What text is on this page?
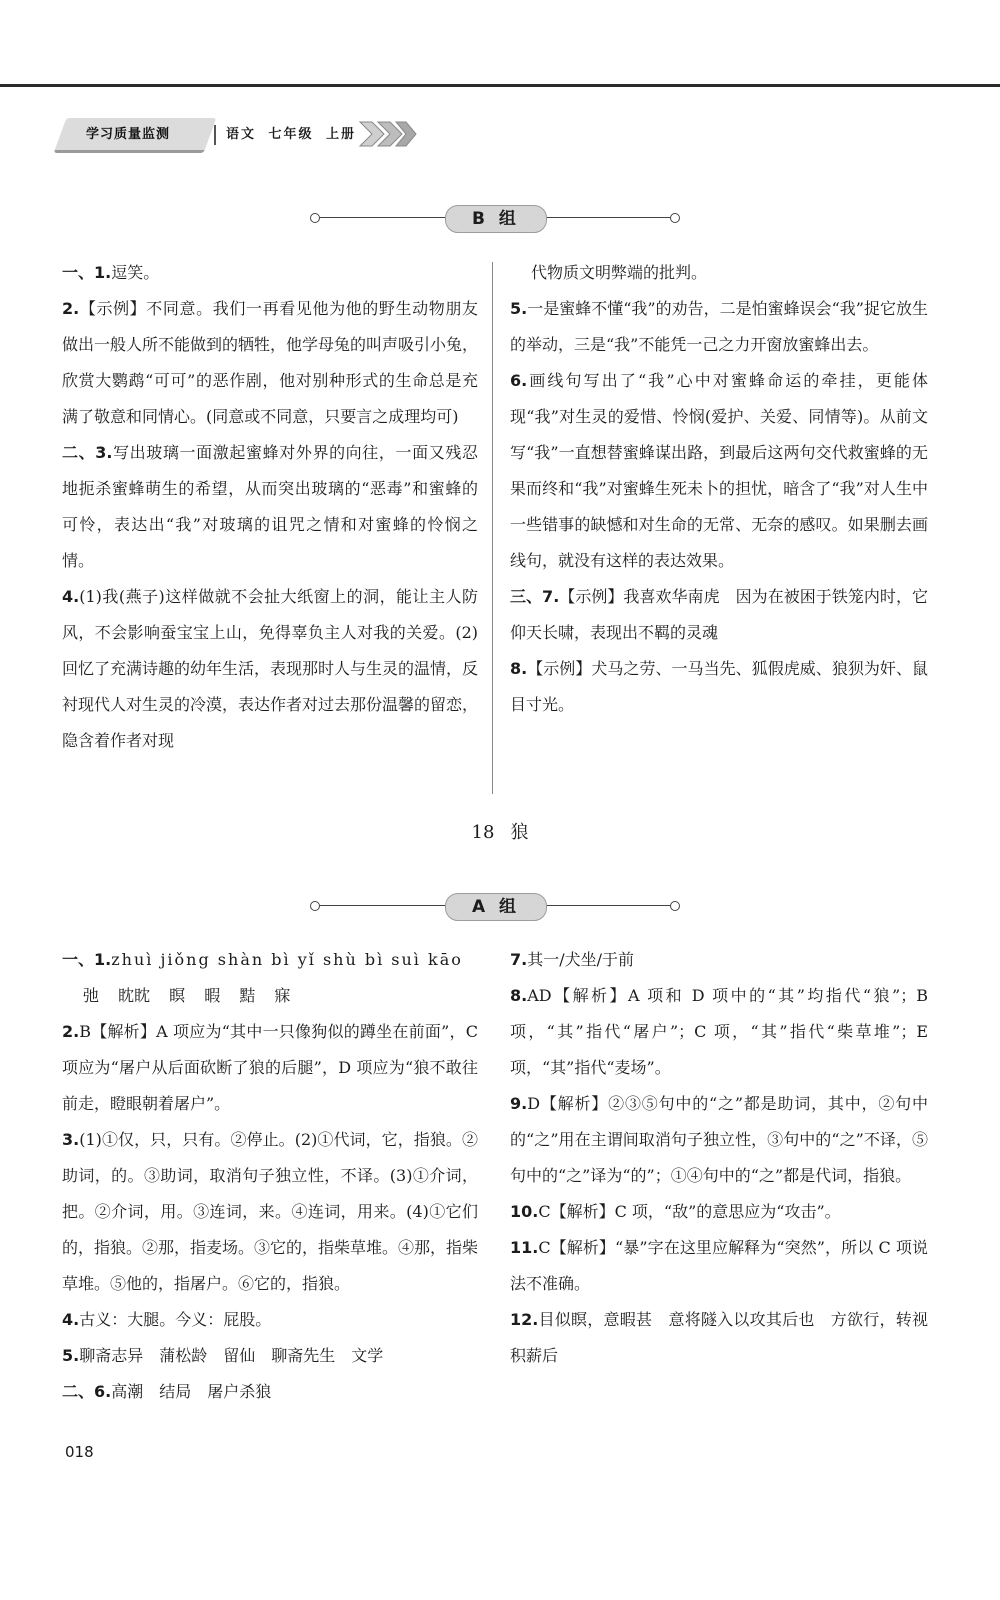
学习质量监测	语文 七年级 上册
B 组

一、1.逗笑。

2.【示例】不同意。我们一再看见他为他的野生动物朋友做出一般人所不能做到的牺牲，他学母兔的叫声吸引小兔，欣赏大鹦鹉“可可”的恶作剧，他对别种形式的生命总是充满了敬意和同情心。(同意或不同意，只要言之成理均可)

二、3.写出玻璃一面激起蜜蜂对外界的向往，一面又残忍地扼杀蜜蜂萌生的希望，从而突出玻璃的“恶毒”和蜜蜂的可怜，表达出“我”对玻璃的诅咒之情和对蜜蜂的怜悯之情。

4.(1)我(燕子)这样做就不会扯大纸窗上的洞，能让主人防风，不会影响蚕宝宝上山，免得辜负主人对我的关爱。(2)回忆了充满诗趣的幼年生活，表现那时人与生灵的温情，反衬现代人对生灵的冷漠，表达作者对过去那份温馨的留恋，隐含着作者对现

代物质文明弊端的批判。

5.一是蜜蜂不懂“我”的劝告，二是怕蜜蜂误会“我”捉它放生的举动，三是“我”不能凭一己之力开窗放蜜蜂出去。

6.画线句写出了“我”心中对蜜蜂命运的牵挂，更能体现“我”对生灵的爱惜、怜悯(爱护、关爱、同情等)。从前文写“我”一直想替蜜蜂谋出路，到最后这两句交代救蜜蜂的无果而终和“我”对蜜蜂生死未卜的担忧，暗含了“我”对人生中一些错事的缺憾和对生命的无常、无奈的感叹。如果删去画线句，就没有这样的表达效果。

三、7.【示例】我喜欢华南虎　因为在被困于铁笼内时，它仰天长啸，表现出不羁的灵魂

8.【示例】犬马之劳、一马当先、狐假虎威、狼狈为奸、鼠目寸光。

18 狼
A 组

一、1.zhuì jiǒng shàn bì yǐ shù bì suì kāo

弛 眈眈 瞑 暇 黠 寐

2.B【解析】A 项应为“其中一只像狗似的蹲坐在前面”，C 项应为“屠户从后面砍断了狼的后腿”，D 项应为“狼不敢往前走，瞪眼朝着屠户”。

3.(1)①仅，只，只有。②停止。(2)①代词，它，指狼。②助词，的。③助词，取消句子独立性，不译。(3)①介词，把。②介词，用。③连词，来。④连词，用来。(4)①它们的，指狼。②那，指麦场。③它的，指柴草堆。④那，指柴草堆。⑤他的，指屠户。⑥它的，指狼。

4.古义：大腿。今义：屁股。

5.聊斋志异　蒲松龄　留仙　聊斋先生　文学

二、6.高潮　结局　屠户杀狼

7.其一/犬坐/于前

8.AD【解析】A 项和 D 项中的“其”均指代“狼”；B 项，“其”指代“屠户”；C 项，“其”指代“柴草堆”；E 项，“其”指代“麦场”。

9.D【解析】②③⑤句中的“之”都是助词，其中，②句中的“之”用在主谓间取消句子独立性，③句中的“之”不译，⑤句中的“之”译为“的”；①④句中的“之”都是代词，指狼。

10.C【解析】C 项，“敌”的意思应为“攻击”。

11.C【解析】“暴”字在这里应解释为“突然”，所以 C 项说法不准确。

12.目似瞑，意暇甚　意将隧入以攻其后也　方欲行，转视积薪后

018
